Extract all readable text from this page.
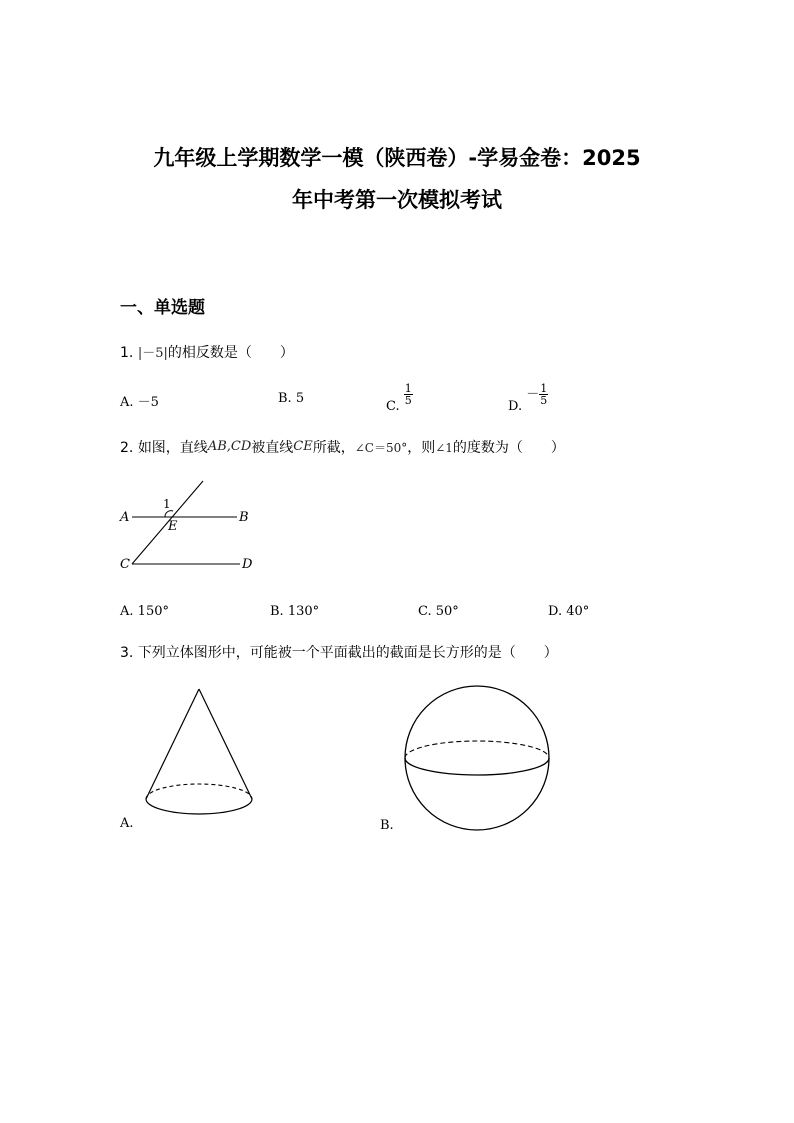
九年级上学期数学一模（陕西卷）-学易金卷：2025
年中考第一次模拟考试
一、单选题
1. |－5|的相反数是（　　）
A. －5	B. 5
C.
$\frac{1}{5}$
D. － $\frac{1}{5}$
2. 如图，直线AB,CD被直线CE所截，∠C＝50°，则∠1的度数为（　　）
A	B
C	D
E
1
A. 150°	B. 130°	C. 50°	D. 40°
3. 下列立体图形中，可能被一个平面截出的截面是长方形的是（　　）
A.	B.
